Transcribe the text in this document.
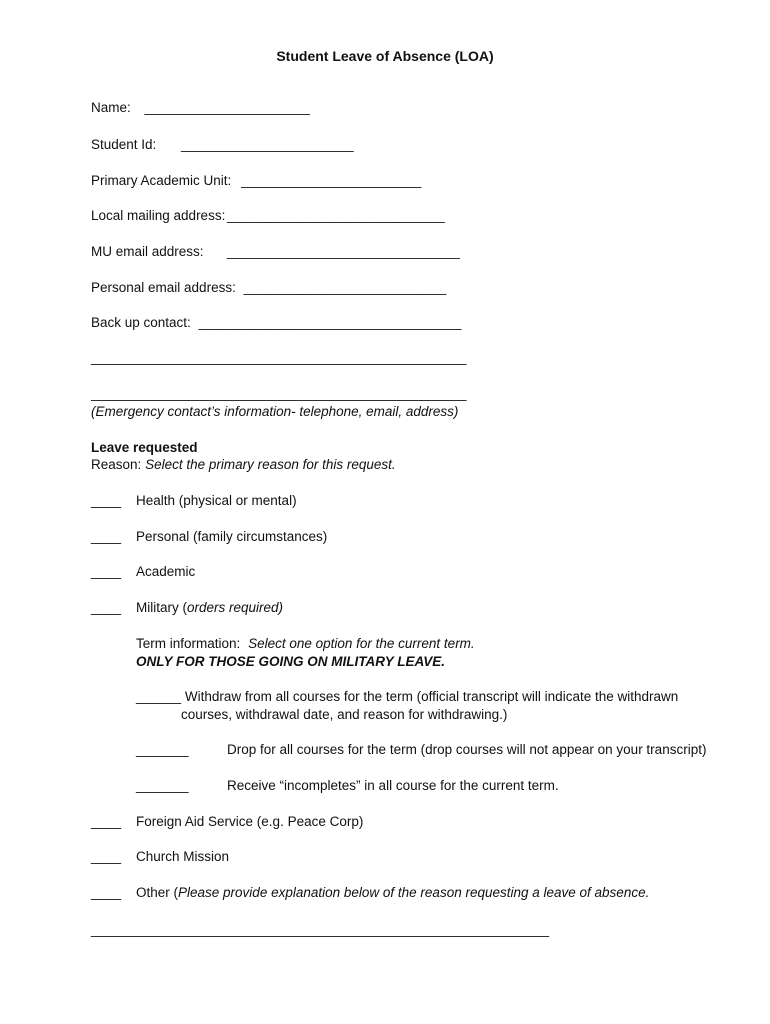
Student Leave of Absence (LOA)
Name: ______________________
Student Id: _______________________
Primary Academic Unit: ________________________
Local mailing address: _____________________________
MU email address: _______________________________
Personal email address: ___________________________
Back up contact: ___________________________________
__________________________________________________
__________________________________________________
(Emergency contact’s information- telephone, email, address)
Leave requested
Reason: Select the primary reason for this request.
____ Health (physical or mental)
____ Personal (family circumstances)
____ Academic
____ Military (orders required)
Term information: Select one option for the current term.
ONLY FOR THOSE GOING ON MILITARY LEAVE.
______ Withdraw from all courses for the term (official transcript will indicate the withdrawn
courses, withdrawal date, and reason for withdrawing.)
_______	Drop for all courses for the term (drop courses will not appear on your transcript)
_______	Receive “incompletes” in all course for the current term.
____ Foreign Aid Service (e.g. Peace Corp)
____ Church Mission
____ Other (Please provide explanation below of the reason requesting a leave of absence.
_____________________________________________________________
